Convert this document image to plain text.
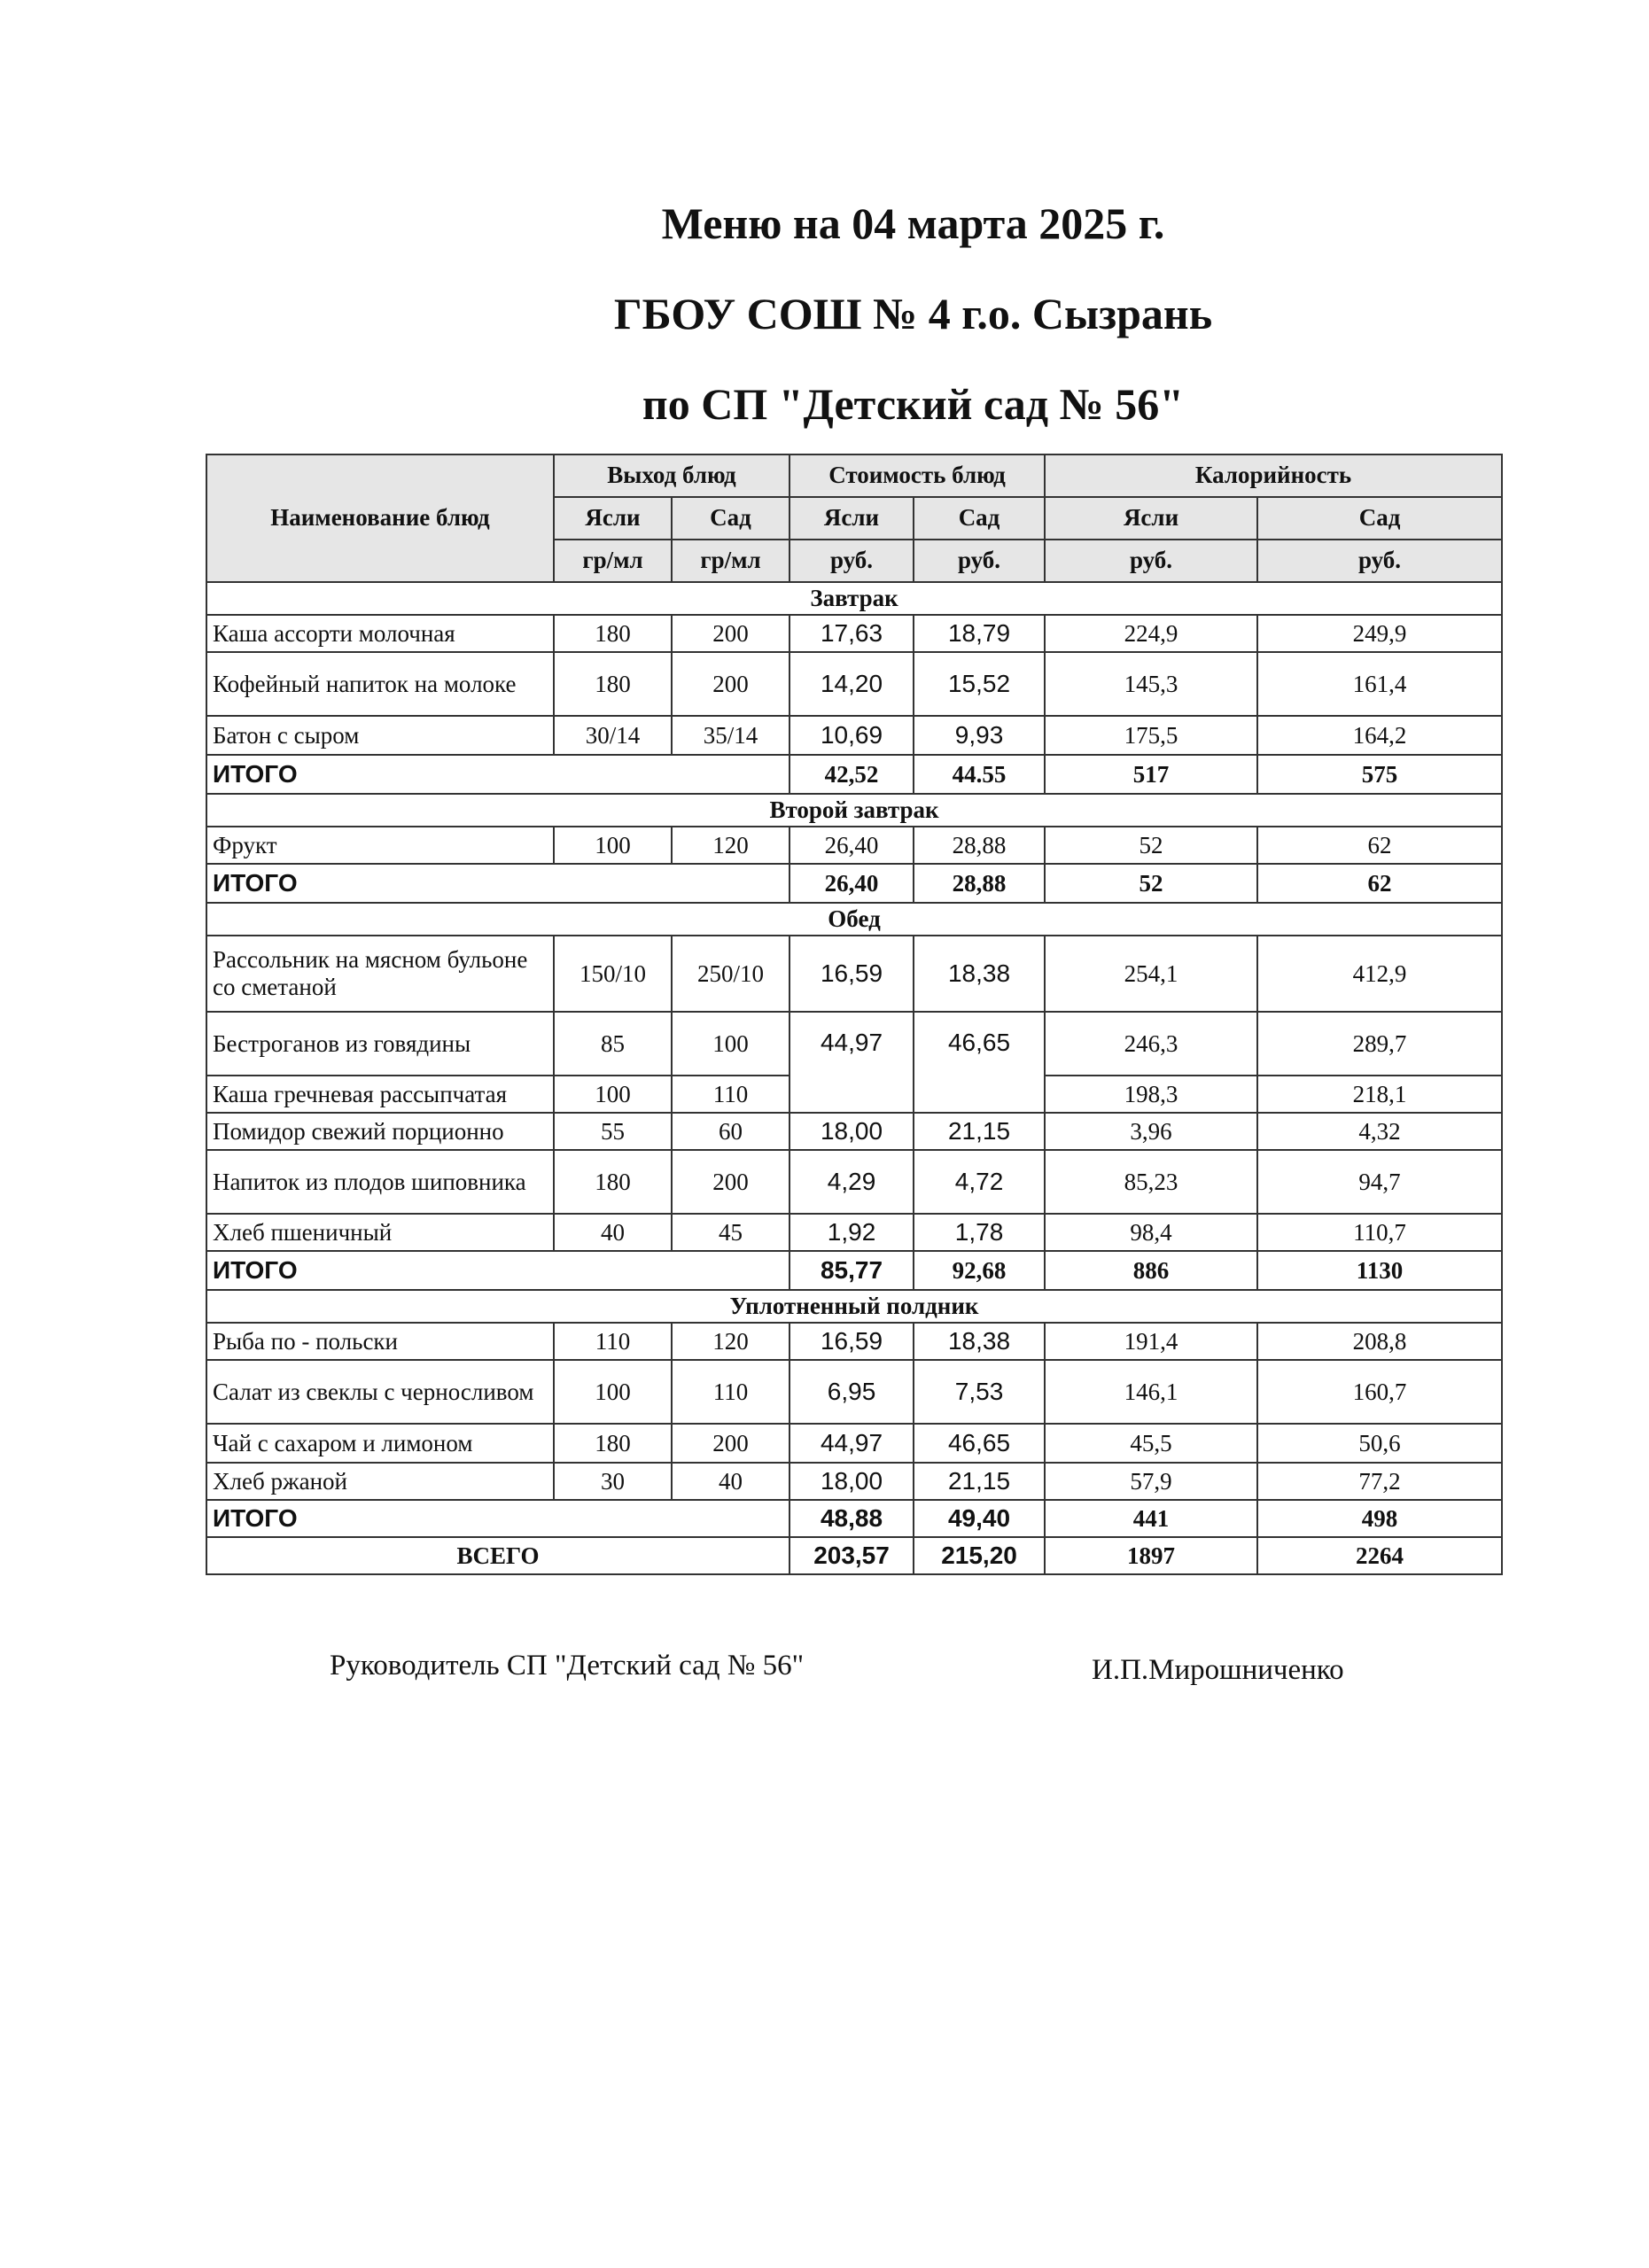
Меню на 04 марта 2025 г.
ГБОУ СОШ № 4 г.о. Сызрань
по СП "Детский сад № 56"
Наименование блюд	Выход блюд		Стоимость блюд		Калорийность	
	Ясли	Сад	Ясли	Сад	Ясли	Сад
	гр/мл	гр/мл	руб.	руб.	руб.	руб.
Завтрак						
Каша ассорти молочная	180	200	17,63	18,79	224,9	249,9
Кофейный напиток на молоке	180	200	14,20	15,52	145,3	161,4
Батон с сыром	30/14	35/14	10,69	9,93	175,5	164,2
ИТОГО			42,52	44.55	517	575
Второй завтрак						
Фрукт	100	120	26,40	28,88	52	62
ИТОГО			26,40	28,88	52	62
Обед						
Рассольник на мясном бульоне со сметаной	150/10	250/10	16,59	18,38	254,1	412,9
Бестроганов из говядины	85	100	44,97	46,65	246,3	289,7
Каша гречневая рассыпчатая	100	110			198,3	218,1
Помидор свежий порционно	55	60	18,00	21,15	3,96	4,32
Напиток из плодов шиповника	180	200	4,29	4,72	85,23	94,7
Хлеб пшеничный	40	45	1,92	1,78	98,4	110,7
ИТОГО			85,77	92,68	886	1130
Уплотненный полдник						
Рыба по - польски	110	120	16,59	18,38	191,4	208,8
Салат из свеклы с черносливом	100	110	6,95	7,53	146,1	160,7
Чай с сахаром и лимоном	180	200	44,97	46,65	45,5	50,6
Хлеб ржаной	30	40	18,00	21,15	57,9	77,2
ИТОГО			48,88	49,40	441	498
ВСЕГО			203,57	215,20	1897	2264
Руководитель СП "Детский сад № 56"	И.П.Мирошниченко
